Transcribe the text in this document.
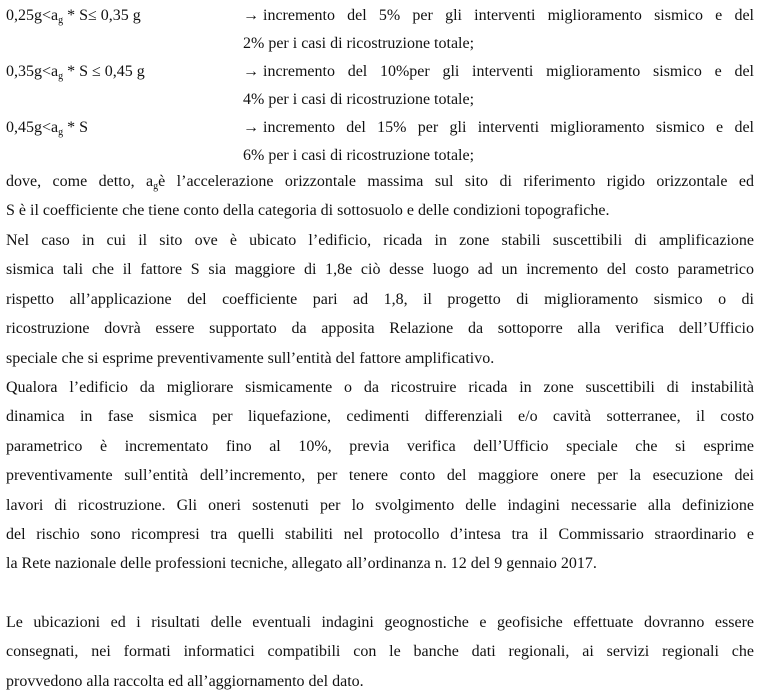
$0,25g<a_g * S\le 0,35$ g	→ incremento del 5% per gli interventi miglioramento sismico e del
2% per i casi di ricostruzione totale;
$0,35g<a_g * S \le 0,45$ g	→ incremento del 10%per gli interventi miglioramento sismico e del
4% per i casi di ricostruzione totale;
$0,45g<a_g * S$	→ incremento del 15% per gli interventi miglioramento sismico e del
6% per i casi di ricostruzione totale;
dove, come detto, $a_gè$ l’accelerazione orizzontale massima sul sito di riferimento rigido orizzontale ed
S è il coefficiente che tiene conto della categoria di sottosuolo e delle condizioni topografiche.
Nel caso in cui il sito ove è ubicato l’edificio, ricada in zone stabili suscettibili di amplificazione
sismica tali che il fattore S sia maggiore di 1,8e ciò desse luogo ad un incremento del costo parametrico
rispetto all’applicazione del coefficiente pari ad 1,8, il progetto di miglioramento sismico o di
ricostruzione dovrà essere supportato da apposita Relazione da sottoporre alla verifica dell’Ufficio
speciale che si esprime preventivamente sull’entità del fattore amplificativo.
Qualora l’edificio da migliorare sismicamente o da ricostruire ricada in zone suscettibili di instabilità
dinamica in fase sismica per liquefazione, cedimenti differenziali e/o cavità sotterranee, il costo
parametrico è incrementato fino al 10%, previa verifica dell’Ufficio speciale che si esprime
preventivamente sull’entità dell’incremento, per tenere conto del maggiore onere per la esecuzione dei
lavori di ricostruzione. Gli oneri sostenuti per lo svolgimento delle indagini necessarie alla definizione
del rischio sono ricompresi tra quelli stabiliti nel protocollo d’intesa tra il Commissario straordinario e
la Rete nazionale delle professioni tecniche, allegato all’ordinanza n. 12 del 9 gennaio 2017.
Le ubicazioni ed i risultati delle eventuali indagini geognostiche e geofisiche effettuate dovranno essere
consegnati, nei formati informatici compatibili con le banche dati regionali, ai servizi regionali che
provvedono alla raccolta ed all’aggiornamento del dato.
